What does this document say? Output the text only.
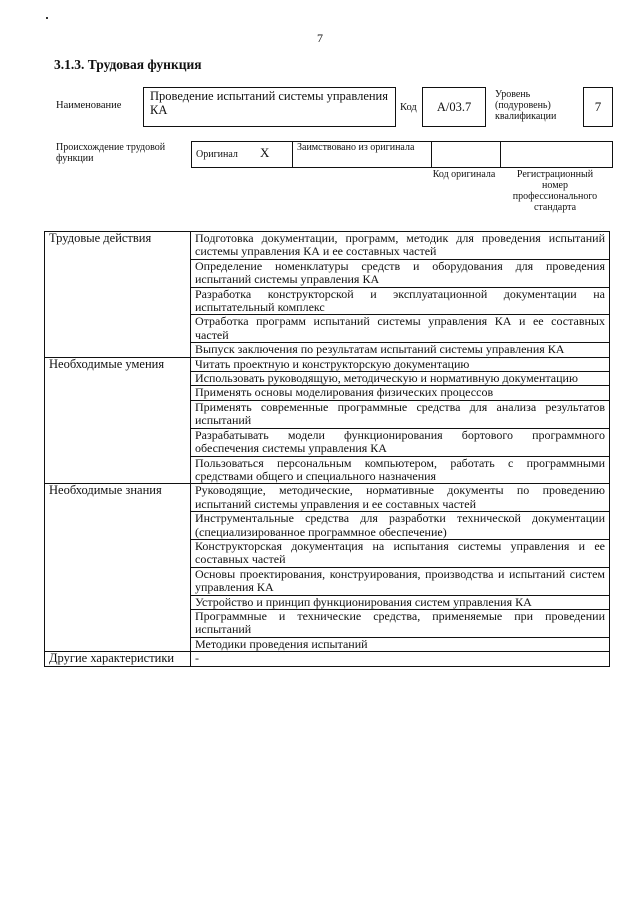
7
3.1.3. Трудовая функция
Наименование
Проведение испытаний системы управления КА	Код	A/03.7
Уровень (подуровень) квалификации
7
Происхождение трудовой функции	Оригинал X	Заимствовано из оригинала		
Код оригинала	Регистрационный номер профессионального стандарта
Трудовые действия	Подготовка документации, программ, методик для проведения испытаний системы управления КА и ее составных частей
	Определение номенклатуры средств и оборудования для проведения испытаний системы управления КА
	Разработка конструкторской и эксплуатационной документации на испытательный комплекс
	Отработка программ испытаний системы управления КА и ее составных частей
	Выпуск заключения по результатам испытаний системы управления КА
Необходимые умения	Читать проектную и конструкторскую документацию
	Использовать руководящую, методическую и нормативную документацию
	Применять основы моделирования физических процессов
	Применять современные программные средства для анализа результатов испытаний
	Разрабатывать модели функционирования бортового программного обеспечения системы управления КА
	Пользоваться персональным компьютером, работать с программными средствами общего и специального назначения
Необходимые знания	Руководящие, методические, нормативные документы по проведению испытаний системы управления и ее составных частей
	Инструментальные средства для разработки технической документации (специализированное программное обеспечение)
	Конструкторская документация на испытания системы управления и ее составных частей
	Основы проектирования, конструирования, производства и испытаний систем управления КА
	Устройство и принцип функционирования систем управления КА
	Программные и технические средства, применяемые при проведении испытаний
	Методики проведения испытаний
Другие характеристики	-
